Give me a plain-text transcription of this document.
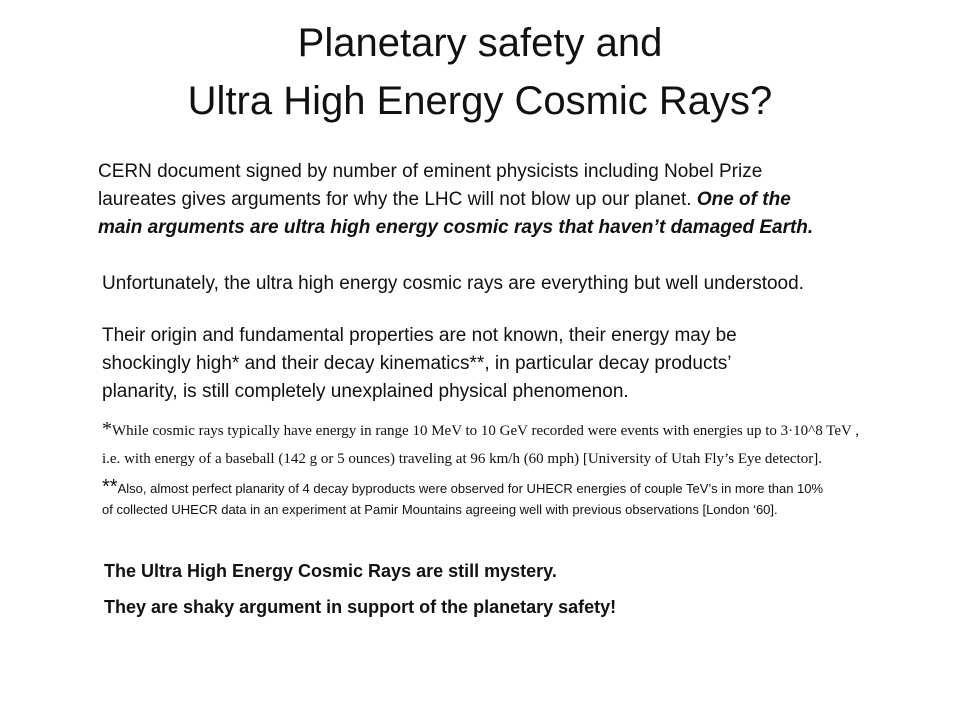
Planetary safety and
Ultra High Energy Cosmic Rays?
CERN document signed by number of eminent physicists including Nobel Prize
laureates gives arguments for why the LHC will not blow up our planet. One of the
main arguments are ultra high energy cosmic rays that haven’t damaged Earth.
Unfortunately, the ultra high energy cosmic rays are everything but well understood.
Their origin and fundamental properties are not known, their energy may be
shockingly high* and their decay kinematics**, in particular decay products’
planarity, is still completely unexplained physical phenomenon.
*While cosmic rays typically have energy in range 10 MeV to 10 GeV recorded were events with energies up to 3·10^8 TeV ,
i.e. with energy of a baseball (142 g or 5 ounces) traveling at 96 km/h (60 mph) [University of Utah Fly’s Eye detector].
**Also, almost perfect planarity of 4 decay byproducts were observed for UHECR energies of couple TeV’s in more than 10%
of collected UHECR data in an experiment at Pamir Mountains agreeing well with previous observations [London ‘60].
The Ultra High Energy Cosmic Rays are still mystery.
They are shaky argument in support of the planetary safety!
